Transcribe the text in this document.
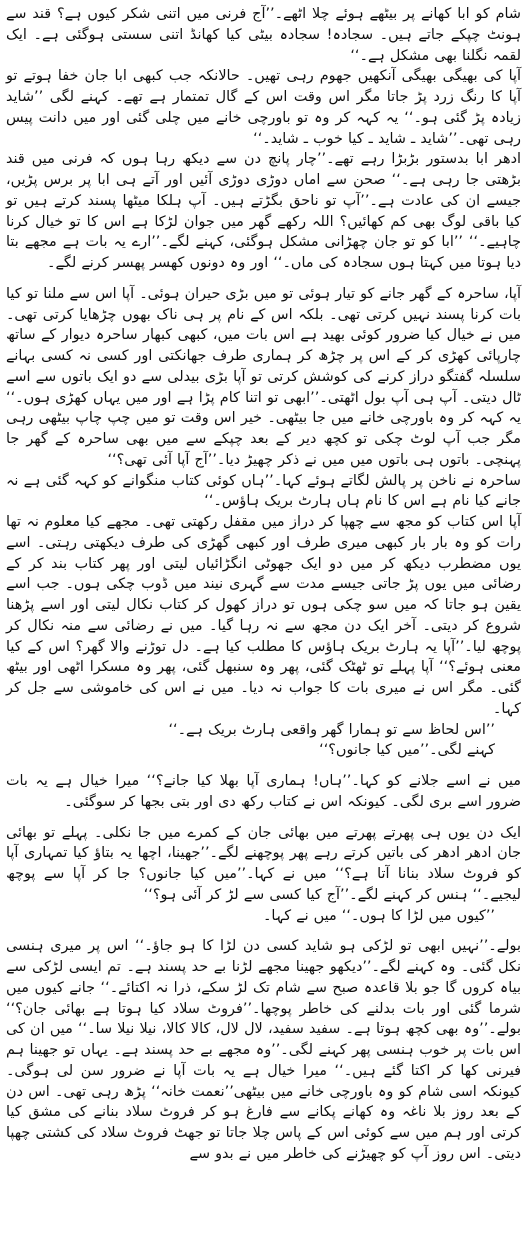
شام کو ابا کھانے پر بیٹھے ہوئے چلا اٹھے۔’’آج فرنی میں اتنی شکر کیوں ہے؟ قند سے ہونٹ چپکے جاتے ہیں۔ سجادہ! سجادہ بیٹی کیا کھانڈ اتنی سستی ہوگئی ہے۔ ایک لقمہ نگلنا بھی مشکل ہے۔‘‘

آپا کی بھیگی بھیگی آنکھیں جھوم رہی تھیں۔ حالانکہ جب کبھی ابا جان خفا ہوتے تو آپا کا رنگ زرد پڑ جاتا مگر اس وقت اس کے گال تمتمار ہے تھے۔ کہنے لگی ’’شاید زیادہ پڑ گئی ہو۔‘‘ یہ کہہ کر وہ تو باورچی خانے میں چلی گئی اور میں دانت پیس رہی تھی۔’’شاید ـ شاید ـ کیا خوب ـ شاید۔‘‘

ادھر ابا بدستور بڑبڑا رہے تھے۔’’چار پانچ دن سے دیکھ رہا ہوں کہ فرنی میں قند بڑھتی جا رہی ہے۔‘‘ صحن سے اماں دوڑی دوڑی آئیں اور آتے ہی ابا پر برس پڑیں، جیسے ان کی عادت ہے۔’’آپ تو ناحق بگڑتے ہیں۔ آپ ہلکا میٹھا پسند کرتے ہیں تو کیا باقی لوگ بھی کم کھائیں؟ اللہ رکھے گھر میں جوان لڑکا ہے اس کا تو خیال کرنا چاہیے۔‘‘ ’’ابا کو تو جان چھڑانی مشکل ہوگئی، کہنے لگے۔’’ارے یہ بات ہے مجھے بتا دیا ہوتا میں کہتا ہوں سجادہ کی ماں۔‘‘ اور وہ دونوں کھسر پھسر کرنے لگے۔

آپا، ساحرہ کے گھر جانے کو تیار ہوئی تو میں بڑی حیران ہوئی۔ آپا اس سے ملنا تو کیا بات کرنا پسند نہیں کرتی تھی۔ بلکہ اس کے نام پر ہی ناک بھوں چڑھایا کرتی تھی۔ میں نے خیال کیا ضرور کوئی بھید ہے اس بات میں، کبھی کبھار ساحرہ دیوار کے ساتھ چارپائی کھڑی کر کے اس پر چڑھ کر ہماری طرف جھانکتی اور کسی نہ کسی بہانے سلسلہ گفتگو دراز کرنے کی کوشش کرتی تو آپا بڑی بیدلی سے دو ایک باتوں سے اسے ٹال دیتی۔ آپ ہی آپ بول اٹھتی۔’’ابھی تو اتنا کام پڑا ہے اور میں یہاں کھڑی ہوں۔‘‘ یہ کہہ کر وہ باورچی خانے میں جا بیٹھی۔ خیر اس وقت تو میں چپ چاپ بیٹھی رہی مگر جب آپ لوٹ چکی تو کچھ دیر کے بعد چپکے سے میں بھی ساحرہ کے گھر جا پہنچی۔ باتوں ہی باتوں میں میں نے ذکر چھیڑ دیا۔’’آج آپا آئی تھی؟‘‘

ساحرہ نے ناخن پر پالش لگاتے ہوئے کہا۔’’ہاں کوئی کتاب منگوانے کو کہہ گئی ہے نہ جانے کیا نام ہے اس کا نام ہاں ہارٹ بریک ہاؤس۔‘‘

آپا اس کتاب کو مجھ سے چھپا کر دراز میں مقفل رکھتی تھی۔ مجھے کیا معلوم نہ تھا رات کو وہ بار بار کبھی میری طرف اور کبھی گھڑی کی طرف دیکھتی رہتی۔ اسے یوں مضطرب دیکھ کر میں دو ایک جھوٹی انگڑائیاں لیتی اور پھر کتاب بند کر کے رضائی میں یوں پڑ جاتی جیسے مدت سے گہری نیند میں ڈوب چکی ہوں۔ جب اسے یقین ہو جاتا کہ میں سو چکی ہوں تو دراز کھول کر کتاب نکال لیتی اور اسے پڑھنا شروع کر دیتی۔ آخر ایک دن مجھ سے نہ رہا گیا۔ میں نے رضائی سے منہ نکال کر پوچھ لیا۔’’آپا یہ ہارٹ بریک ہاؤس کا مطلب کیا ہے۔ دل توڑنے والا گھر؟ اس کے کیا معنی ہوئے؟‘‘ آپا پہلے تو ٹھٹک گئی، پھر وہ سنبھل گئی، پھر وہ مسکرا اٹھی اور بیٹھ گئی۔ مگر اس نے میری بات کا جواب نہ دیا۔ میں نے اس کی خاموشی سے جل کر کہا۔

’’اس لحاظ سے تو ہمارا گھر واقعی ہارٹ بریک ہے۔‘‘

کہنے لگی۔’’میں کیا جانوں؟‘‘

میں نے اسے جلانے کو کہا۔’’ہاں! ہماری آپا بھلا کیا جانے؟‘‘ میرا خیال ہے یہ بات ضرور اسے بری لگی۔ کیونکہ اس نے کتاب رکھ دی اور بتی بجھا کر سوگئی۔

ایک دن یوں ہی پھرتے پھرتے میں بھائی جان کے کمرے میں جا نکلی۔ پہلے تو بھائی جان ادھر ادھر کی باتیں کرتے رہے پھر پوچھنے لگے۔’’جھینا، اچھا یہ بتاؤ کیا تمہاری آپا کو فروٹ سلاد بنانا آتا ہے؟‘‘ میں نے کہا۔’’میں کیا جانوں؟ جا کر آپا سے پوچھ لیجیے۔‘‘ ہنس کر کہنے لگے۔’’آج کیا کسی سے لڑ کر آئی ہو؟‘‘

’’کیوں میں لڑا کا ہوں۔‘‘ میں نے کہا۔

بولے۔’’نہیں ابھی تو لڑکی ہو شاید کسی دن لڑا کا ہو جاؤ۔‘‘ اس پر میری ہنسی نکل گئی۔ وہ کہنے لگے۔’’دیکھو جھینا مجھے لڑنا بے حد پسند ہے۔ تم ایسی لڑکی سے بیاہ کروں گا جو بلا قاعدہ صبح سے شام تک لڑ سکے، ذرا نہ اکتائے۔‘‘ جانے کیوں میں شرما گئی اور بات بدلنے کی خاطر پوچھا۔’’فروٹ سلاد کیا ہوتا ہے بھائی جان؟‘‘ بولے۔’’وہ بھی کچھ ہوتا ہے۔ سفید سفید، لال لال، کالا کالا، نیلا نیلا سا۔‘‘ میں ان کی اس بات پر خوب ہنسی پھر کہنے لگی۔’’وہ مجھے بے حد پسند ہے۔ یہاں تو جھینا ہم فیرنی کھا کر اکتا گئے ہیں۔‘‘ میرا خیال ہے یہ بات آپا نے ضرور سن لی ہوگی۔ کیونکہ اسی شام کو وہ باورچی خانے میں بیٹھی’’نعمت خانہ‘‘ پڑھ رہی تھی۔ اس دن کے بعد روز بلا ناغہ وہ کھانے پکانے سے فارغ ہو کر فروٹ سلاد بنانے کی مشق کیا کرتی اور ہم میں سے کوئی اس کے پاس چلا جاتا تو جھٹ فروٹ سلاد کی کشتی چھپا دیتی۔ اس روز آپ کو چھیڑنے کی خاطر میں نے بدو سے
